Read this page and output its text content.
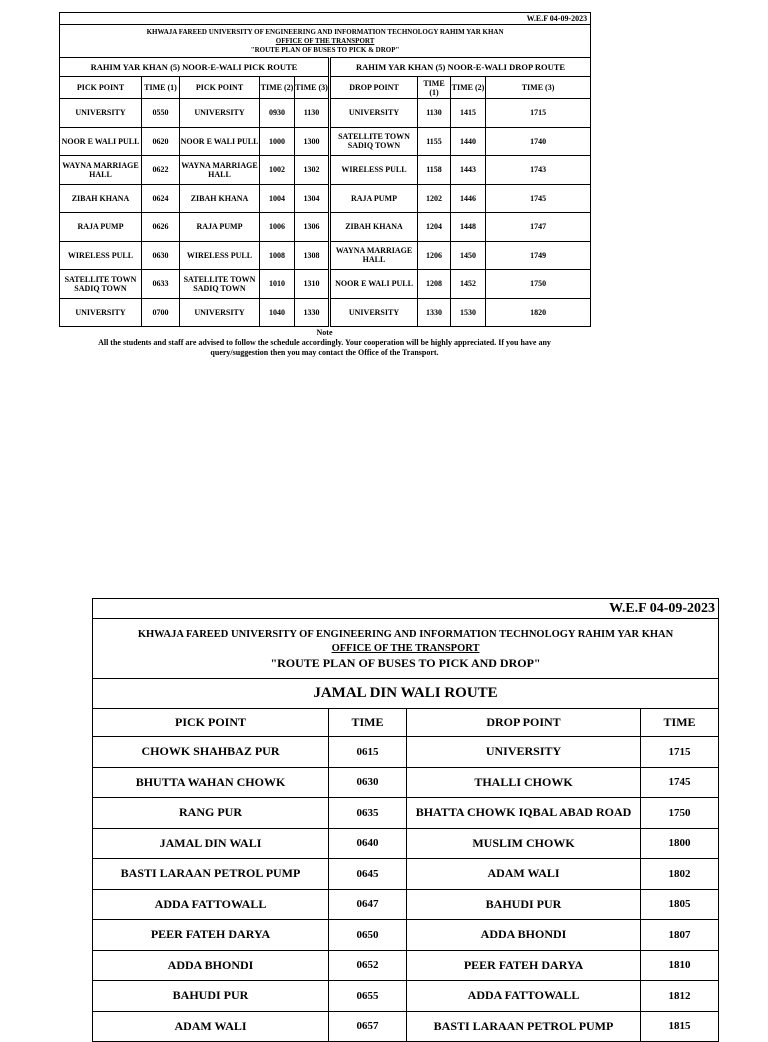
W.E.F 04-09-2023								

KHWAJA FAREED UNIVERSITY OF ENGINEERING AND INFORMATION TECHNOLOGY RAHIM YAR KHAN
OFFICE OF THE TRANSPORT
"ROUTE PLAN OF BUSES TO PICK & DROP"								

RAHIM YAR KHAN (5) NOOR-E-WALI PICK ROUTE					RAHIM YAR KHAN (5) NOOR-E-WALI DROP ROUTE			
PICK POINT	TIME (1)	PICK POINT	TIME (2)	TIME (3)	DROP POINT	TIME (1)	TIME (2)	TIME (3)
UNIVERSITY	0550	UNIVERSITY	0930	1130	UNIVERSITY	1130	1415	1715
NOOR E WALI PULL	0620	NOOR E WALI PULL	1000	1300	SATELLITE TOWN SADIQ TOWN	1155	1440	1740
WAYNA MARRIAGE HALL	0622	WAYNA MARRIAGE HALL	1002	1302	WIRELESS PULL	1158	1443	1743
ZIBAH KHANA	0624	ZIBAH KHANA	1004	1304	RAJA PUMP	1202	1446	1745
RAJA PUMP	0626	RAJA PUMP	1006	1306	ZIBAH KHANA	1204	1448	1747
WIRELESS PULL	0630	WIRELESS PULL	1008	1308	WAYNA MARRIAGE HALL	1206	1450	1749
SATELLITE TOWN SADIQ TOWN	0633	SATELLITE TOWN SADIQ TOWN	1010	1310	NOOR E WALI PULL	1208	1452	1750
UNIVERSITY	0700	UNIVERSITY	1040	1330	UNIVERSITY	1330	1530	1820
Note
All the students and staff are advised to follow the schedule accordingly. Your cooperation will be highly appreciated. If you have any query/suggestion then you may contact the Office of the Transport.
W.E.F 04-09-2023			

KHWAJA FAREED UNIVERSITY OF ENGINEERING AND INFORMATION TECHNOLOGY RAHIM YAR KHAN
OFFICE OF THE TRANSPORT
"ROUTE PLAN OF BUSES TO PICK AND DROP"			

JAMAL DIN WALI ROUTE			
PICK POINT	TIME	DROP POINT	TIME
CHOWK SHAHBAZ PUR	0615	UNIVERSITY	1715
BHUTTA WAHAN CHOWK	0630	THALLI CHOWK	1745
RANG PUR	0635	BHATTA CHOWK IQBAL ABAD ROAD	1750
JAMAL DIN WALI	0640	MUSLIM CHOWK	1800
BASTI LARAAN PETROL PUMP	0645	ADAM WALI	1802
ADDA FATTOWALL	0647	BAHUDI PUR	1805
PEER FATEH DARYA	0650	ADDA BHONDI	1807
ADDA BHONDI	0652	PEER FATEH DARYA	1810
BAHUDI PUR	0655	ADDA FATTOWALL	1812
ADAM WALI	0657	BASTI LARAAN PETROL PUMP	1815
